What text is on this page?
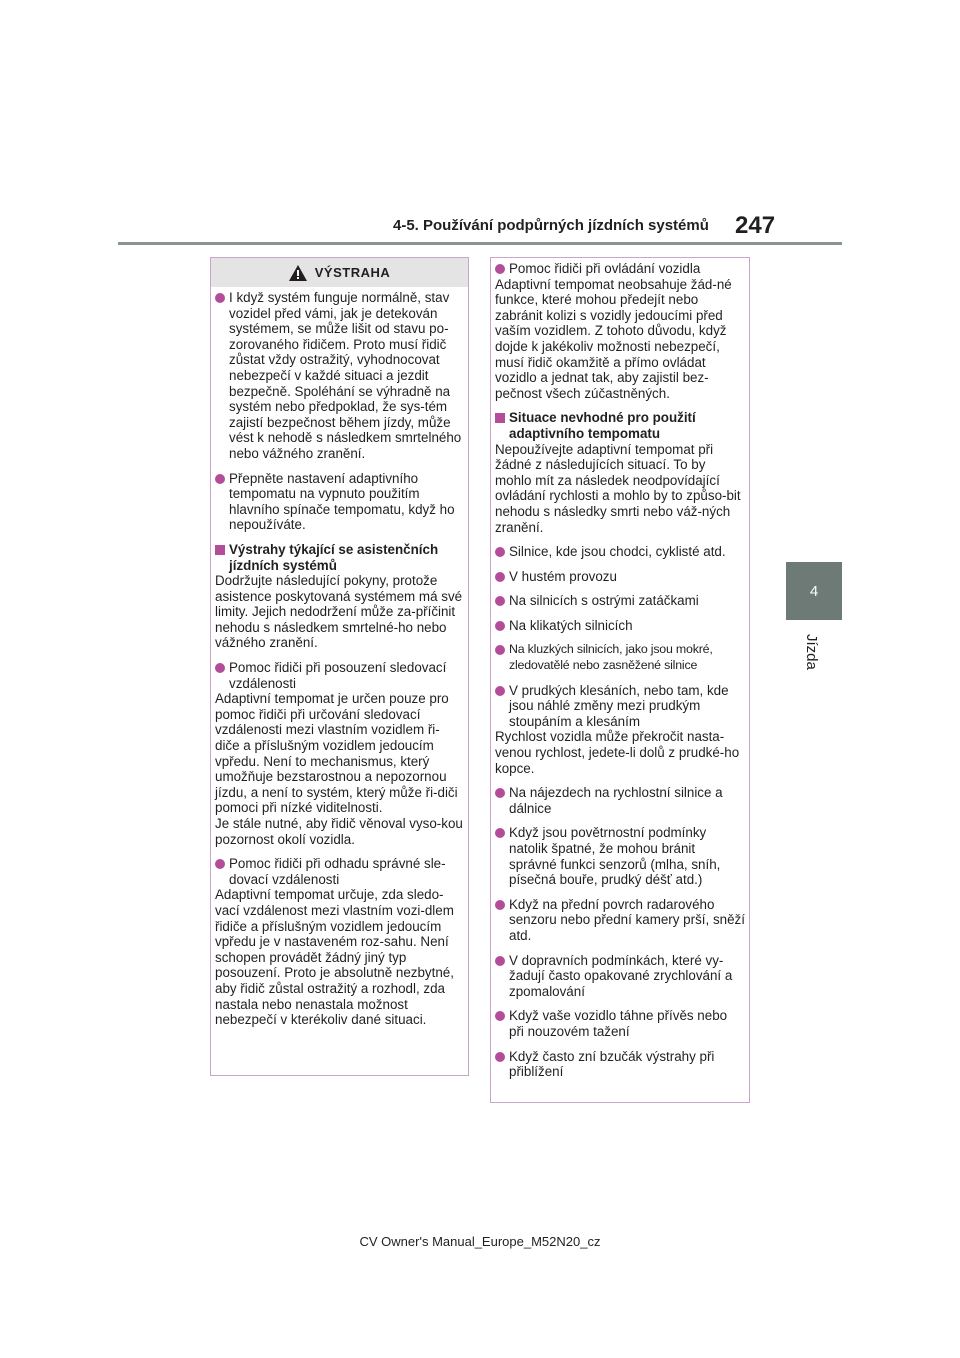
4-5. Používání podpůrných jízdních systémů 247
4
Jízda
VÝSTRAHA
I když systém funguje normálně, stav vozidel před vámi, jak je detekován systémem, se může lišit od stavu po-zorovaného řidičem. Proto musí řidič zůstat vždy ostražitý, vyhodnocovat nebezpečí v každé situaci a jezdit bezpečně. Spoléhání se výhradně na systém nebo předpoklad, že sys-tém zajistí bezpečnost během jízdy, může vést k nehodě s následkem smrtelného nebo vážného zranění.
Přepněte nastavení adaptivního tempomatu na vypnuto použitím hlavního spínače tempomatu, když ho nepoužíváte.
Výstrahy týkající se asistenčních jízdních systémů
Dodržujte následující pokyny, protože asistence poskytovaná systémem má své limity. Jejich nedodržení může za-příčinit nehodu s následkem smrtelné-ho nebo vážného zranění.
Pomoc řidiči při posouzení sledovací vzdálenosti
Adaptivní tempomat je určen pouze pro pomoc řidiči při určování sledovací vzdálenosti mezi vlastním vozidlem ři-diče a příslušným vozidlem jedoucím vpředu. Není to mechanismus, který umožňuje bezstarostnou a nepozornou jízdu, a není to systém, který může ři-diči pomoci při nízké viditelnosti.
Je stále nutné, aby řidič věnoval vyso-kou pozornost okolí vozidla.
Pomoc řidiči při odhadu správné sle-dovací vzdálenosti
Adaptivní tempomat určuje, zda sledo-vací vzdálenost mezi vlastním vozi-dlem řidiče a příslušným vozidlem jedoucím vpředu je v nastaveném roz-sahu. Není schopen provádět žádný jiný typ posouzení. Proto je absolutně nezbytné, aby řidič zůstal ostražitý a rozhodl, zda nastala nebo nenastala možnost nebezpečí v kterékoliv dané situaci.
Pomoc řidiči při ovládání vozidla
Adaptivní tempomat neobsahuje žád-né funkce, které mohou předejít nebo zabránit kolizi s vozidly jedoucími před vaším vozidlem. Z tohoto důvodu, když dojde k jakékoliv možnosti nebezpečí, musí řidič okamžitě a přímo ovládat vozidlo a jednat tak, aby zajistil bez-pečnost všech zúčastněných.
Situace nevhodné pro použití adaptivního tempomatu
Nepoužívejte adaptivní tempomat při žádné z následujících situací. To by mohlo mít za následek neodpovídající ovládání rychlosti a mohlo by to způso-bit nehodu s následky smrti nebo váž-ných zranění.
Silnice, kde jsou chodci, cyklisté atd.
V hustém provozu
Na silnicích s ostrými zatáčkami
Na klikatých silnicích
Na kluzkých silnicích, jako jsou mokré, zledovatělé nebo zasněžené silnice
V prudkých klesáních, nebo tam, kde jsou náhlé změny mezi prudkým stoupáním a klesáním
Rychlost vozidla může překročit nasta-venou rychlost, jedete-li dolů z prudké-ho kopce.
Na nájezdech na rychlostní silnice a dálnice
Když jsou povětrnostní podmínky natolik špatné, že mohou bránit správné funkci senzorů (mlha, sníh, písečná bouře, prudký déšť atd.)
Když na přední povrch radarového senzoru nebo přední kamery prší, sněží atd.
V dopravních podmínkách, které vy-žadují často opakované zrychlování a zpomalování
Když vaše vozidlo táhne přívěs nebo při nouzovém tažení
Když často zní bzučák výstrahy při přiblížení
CV Owner's Manual_Europe_M52N20_cz
